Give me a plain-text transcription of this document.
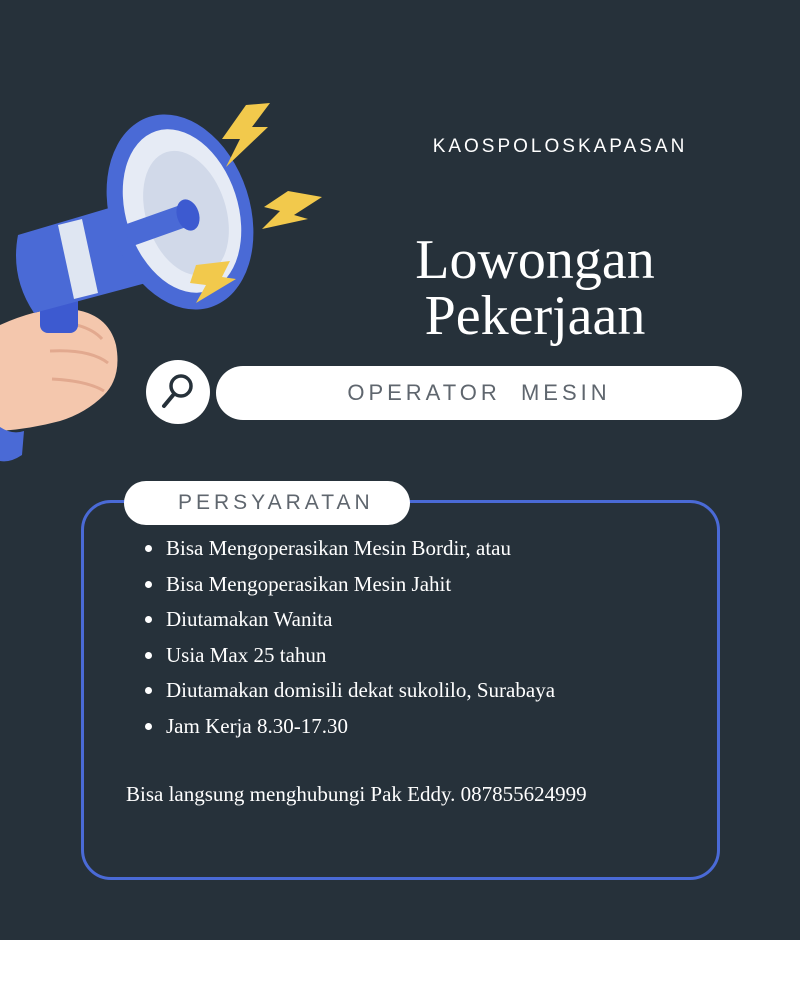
KAOSPOLOSKAPASAN
Lowongan
Pekerjaan
OPERATOR  MESIN
PERSYARATAN
Bisa Mengoperasikan Mesin Bordir, atau
Bisa Mengoperasikan Mesin Jahit
Diutamakan Wanita
Usia Max 25 tahun
Diutamakan domisili dekat sukolilo, Surabaya
Jam Kerja 8.30-17.30
Bisa langsung menghubungi Pak Eddy. 087855624999
